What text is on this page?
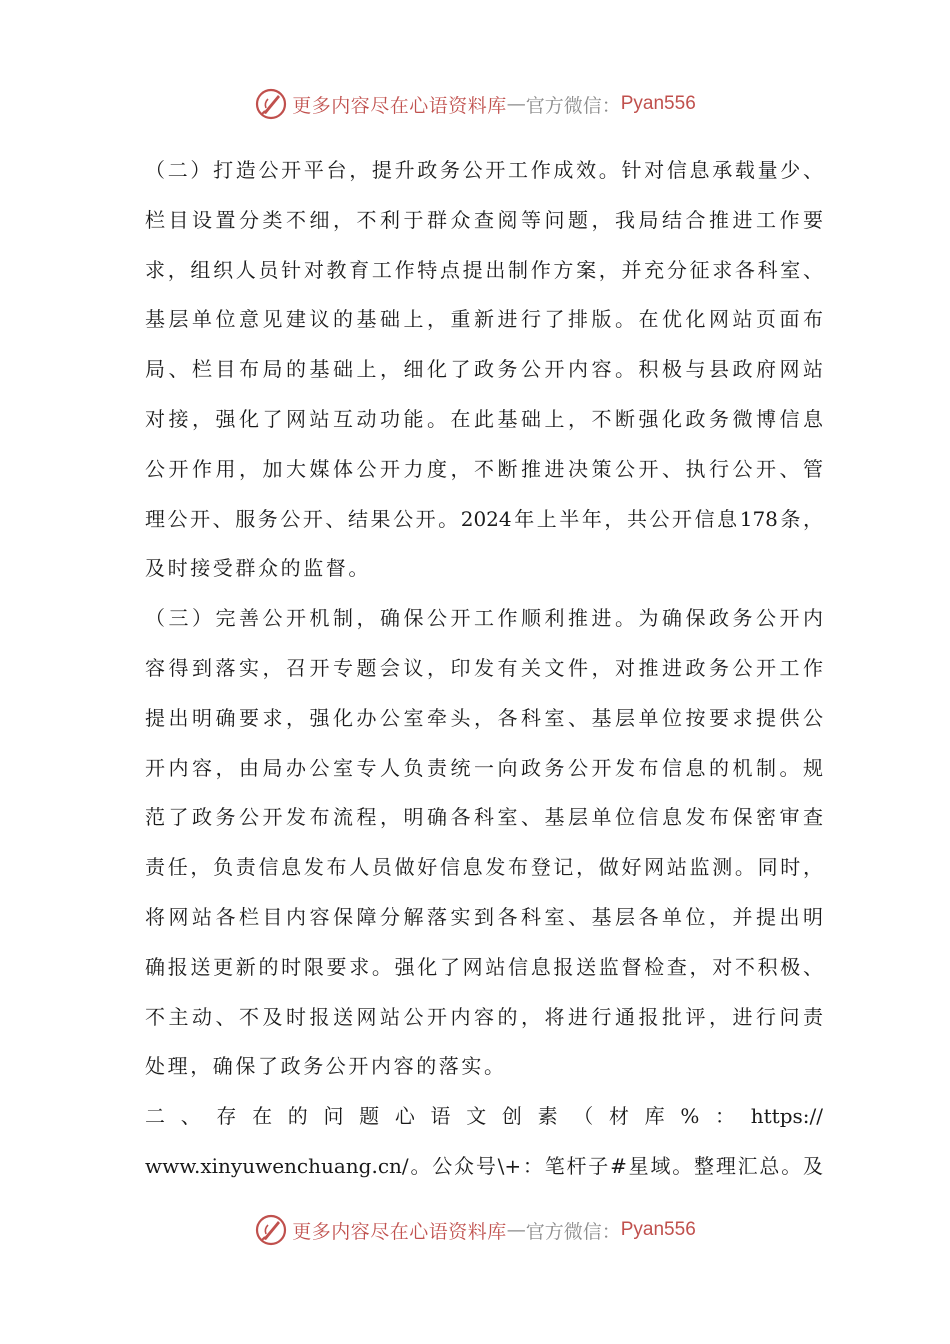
更多内容尽在心语资料库 — 官方微信： Pyan556
（二）打造公开平台，提升政务公开工作成效。针对信息承载量少、
栏目设置分类不细，不利于群众查阅等问题，我局结合推进工作要
求，组织人员针对教育工作特点提出制作方案，并充分征求各科室、
基层单位意见建议的基础上，重新进行了排版。在优化网站页面布
局、栏目布局的基础上，细化了政务公开内容。积极与县政府网站
对接，强化了网站互动功能。在此基础上，不断强化政务微博信息
公开作用，加大媒体公开力度，不断推进决策公开、执行公开、管
理公开、服务公开、结果公开。2024年上半年，共公开信息178条，
及时接受群众的监督。
（三）完善公开机制，确保公开工作顺利推进。为确保政务公开内
容得到落实，召开专题会议，印发有关文件，对推进政务公开工作
提出明确要求，强化办公室牵头，各科室、基层单位按要求提供公
开内容，由局办公室专人负责统一向政务公开发布信息的机制。规
范了政务公开发布流程，明确各科室、基层单位信息发布保密审查
责任，负责信息发布人员做好信息发布登记，做好网站监测。同时，
将网站各栏目内容保障分解落实到各科室、基层各单位，并提出明
确报送更新的时限要求。强化了网站信息报送监督检查，对不积极、
不主动、不及时报送网站公开内容的，将进行通报批评，进行问责
处理，确保了政务公开内容的落实。
二、存在的问题心语文创素（材库%：https://
www.xinyuwenchuang.cn/。公众号\+：笔杆子#星域。整理汇总。及
更多内容尽在心语资料库 — 官方微信： Pyan556
